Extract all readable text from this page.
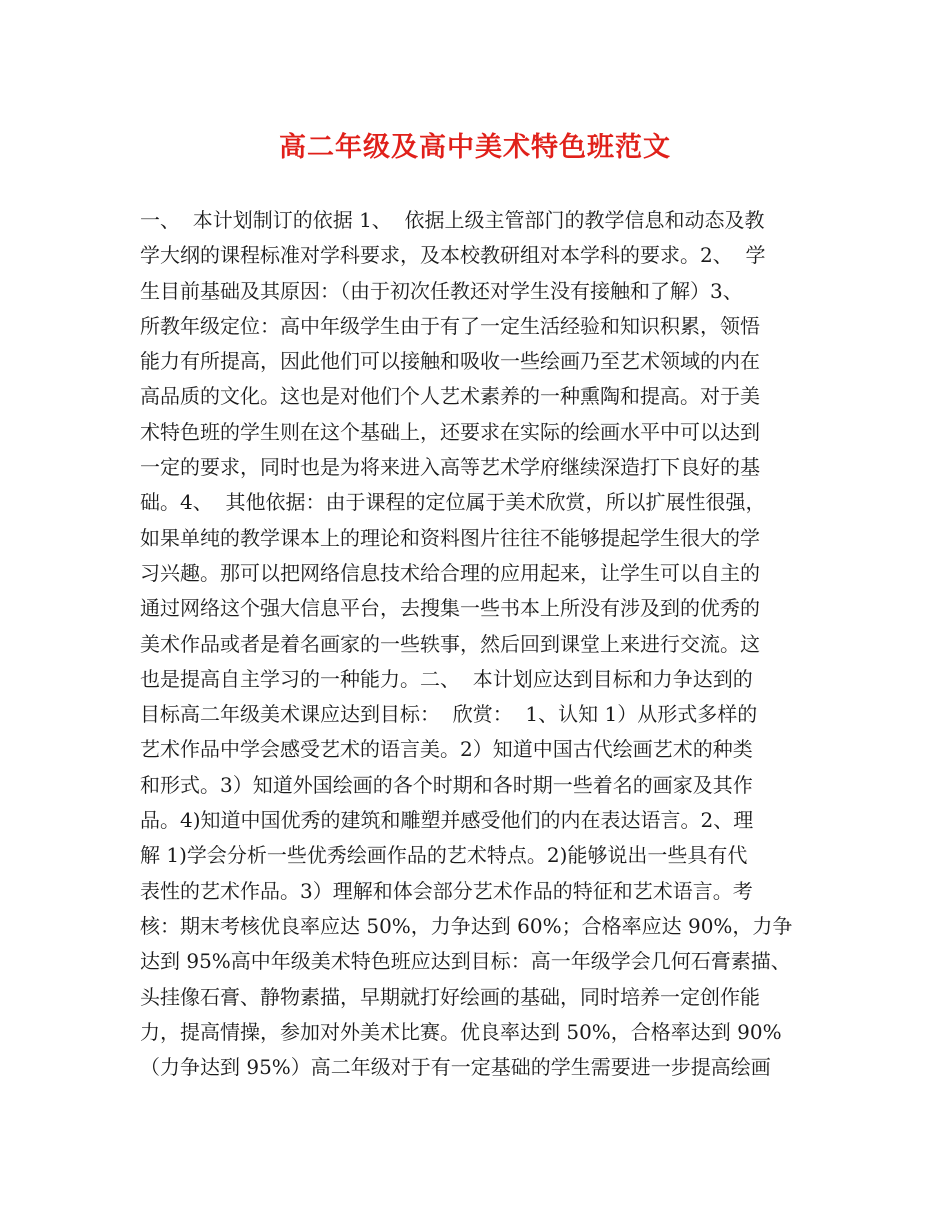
高二年级及高中美术特色班范文
一、  本计划制订的依据 1、  依据上级主管部门的教学信息和动态及教
学大纲的课程标准对学科要求，及本校教研组对本学科的要求。2、  学
生目前基础及其原因：（由于初次任教还对学生没有接触和了解）3、
所教年级定位：高中年级学生由于有了一定生活经验和知识积累，领悟
能力有所提高，因此他们可以接触和吸收一些绘画乃至艺术领域的内在
高品质的文化。这也是对他们个人艺术素养的一种熏陶和提高。对于美
术特色班的学生则在这个基础上，还要求在实际的绘画水平中可以达到
一定的要求，同时也是为将来进入高等艺术学府继续深造打下良好的基
础。4、  其他依据：由于课程的定位属于美术欣赏，所以扩展性很强，
如果单纯的教学课本上的理论和资料图片往往不能够提起学生很大的学
习兴趣。那可以把网络信息技术给合理的应用起来，让学生可以自主的
通过网络这个强大信息平台，去搜集一些书本上所没有涉及到的优秀的
美术作品或者是着名画家的一些轶事，然后回到课堂上来进行交流。这
也是提高自主学习的一种能力。二、  本计划应达到目标和力争达到的
目标高二年级美术课应达到目标：  欣赏：  1、认知 1）从形式多样的
艺术作品中学会感受艺术的语言美。2）知道中国古代绘画艺术的种类
和形式。3）知道外国绘画的各个时期和各时期一些着名的画家及其作
品。4)知道中国优秀的建筑和雕塑并感受他们的内在表达语言。2、理
解 1)学会分析一些优秀绘画作品的艺术特点。2)能够说出一些具有代
表性的艺术作品。3）理解和体会部分艺术作品的特征和艺术语言。考
核：期末考核优良率应达 50%，力争达到 60%；合格率应达 90%，力争
达到 95%高中年级美术特色班应达到目标：高一年级学会几何石膏素描、
头挂像石膏、静物素描，早期就打好绘画的基础，同时培养一定创作能
力，提高情操，参加对外美术比赛。优良率达到 50%，合格率达到 90%
（力争达到 95%）高二年级对于有一定基础的学生需要进一步提高绘画
